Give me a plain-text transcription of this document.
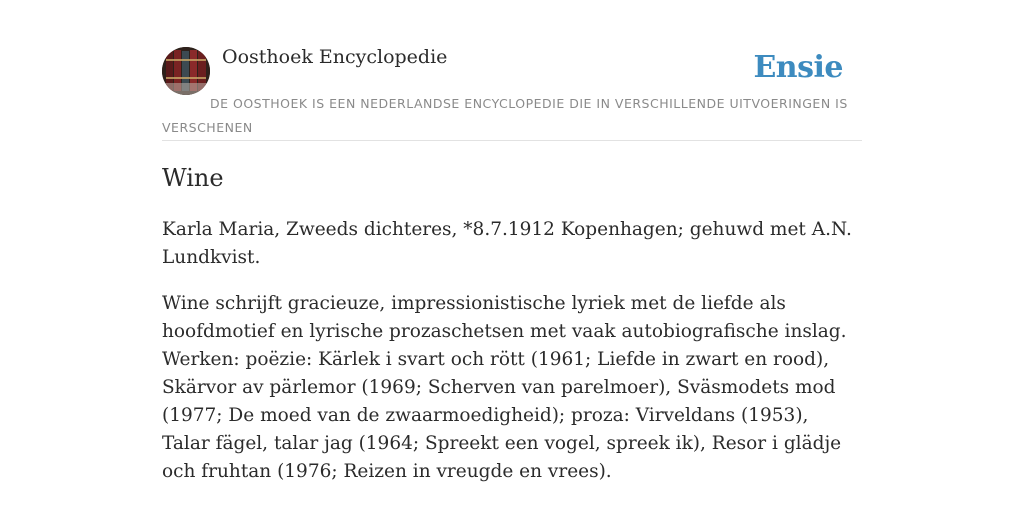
Oosthoek Encyclopedie	Ensie
DE OOSTHOEK IS EEN NEDERLANDSE ENCYCLOPEDIE DIE IN VERSCHILLENDE UITVOERINGEN IS VERSCHENEN
Wine

Karla Maria, Zweeds dichteres, *8.7.1912 Kopenhagen; gehuwd met A.N. Lundkvist.

Wine schrijft gracieuze, impressionistische lyriek met de liefde als hoofdmotief en lyrische prozaschetsen met vaak autobiografische inslag. Werken: poëzie: Kärlek i svart och rött (1961; Liefde in zwart en rood), Skärvor av pärlemor (1969; Scherven van parelmoer), Sväsmodets mod (1977; De moed van de zwaarmoedigheid); proza: Virveldans (1953), Talar fägel, talar jag (1964; Spreekt een vogel, spreek ik), Resor i glädje och fruhtan (1976; Reizen in vreugde en vrees).
